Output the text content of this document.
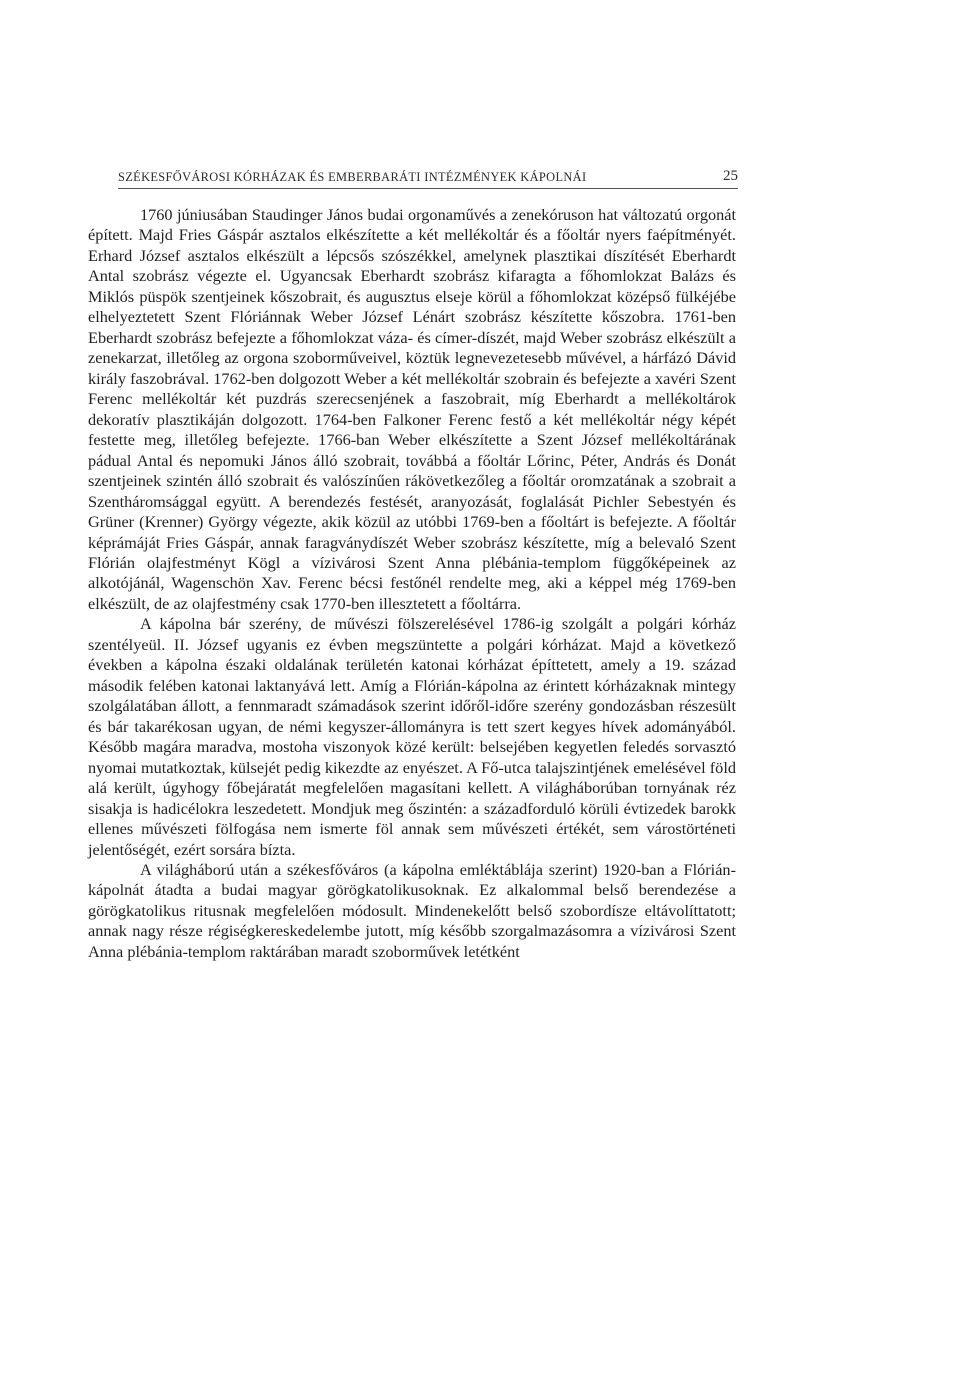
SZÉKESFŐVÁROSI KÓRHÁZAK ÉS EMBERBARÁTI INTÉZMÉNYEK KÁPOLNÁI	25

1760 júniusában Staudinger János budai orgonaművés a zenekóruson hat változatú orgonát épített. Majd Fries Gáspár asztalos elkészítette a két mellékoltár és a főoltár nyers faépítményét. Erhard József asztalos elkészült a lépcsős szószékkel, amelynek plasztikai díszítését Eberhardt Antal szobrász végezte el. Ugyancsak Eberhardt szobrász kifaragta a főhomlokzat Balázs és Miklós püspök szentjeinek kőszobrait, és augusztus elseje körül a főhomlokzat középső fülkéjébe elhelyeztetett Szent Flóriánnak Weber József Lénárt szobrász készítette kőszobra. 1761-ben Eberhardt szobrász befejezte a főhomlokzat váza- és címer-díszét, majd Weber szobrász elkészült a zenekarzat, illetőleg az orgona szoborműveivel, köztük legnevezetesebb művével, a hárfázó Dávid király faszobrával. 1762-ben dolgozott Weber a két mellékoltár szobrain és befejezte a xavéri Szent Ferenc mellékoltár két puzdrás szerecsenjének a faszobrait, míg Eberhardt a mellékoltárok dekoratív plasztikáján dolgozott. 1764-ben Falkoner Ferenc festő a két mellékoltár négy képét festette meg, illetőleg befejezte. 1766-ban Weber elkészítette a Szent József mellékoltárának pádual Antal és nepomuki János álló szobrait, továbbá a főoltár Lőrinc, Péter, András és Donát szentjeinek szintén álló szobrait és valószínűen rákövetkezőleg a főoltár oromzatának a szobrait a Szentháromsággal együtt. A berendezés festését, aranyozását, foglalását Pichler Sebestyén és Grüner (Krenner) György végezte, akik közül az utóbbi 1769-ben a főoltárt is befejezte. A főoltár képrámáját Fries Gáspár, annak faragványdíszét Weber szobrász készítette, míg a belevaló Szent Flórián olajfestményt Kögl a vízivárosi Szent Anna plébánia-templom függőképeinek az alkotójánál, Wagenschön Xav. Ferenc bécsi festőnél rendelte meg, aki a képpel még 1769-ben elkészült, de az olajfestmény csak 1770-ben illesztetett a főoltárra.

A kápolna bár szerény, de művészi fölszerelésével 1786-ig szolgált a polgári kórház szentélyeül. II. József ugyanis ez évben megszüntette a polgári kórházat. Majd a következő években a kápolna északi oldalának területén katonai kórházat építtetett, amely a 19. század második felében katonai laktanyává lett. Amíg a Flórián-kápolna az érintett kórházaknak mintegy szolgálatában állott, a fennmaradt számadások szerint időről-időre szerény gondozásban részesült és bár takarékosan ugyan, de némi kegyszer-állományra is tett szert kegyes hívek adományából. Később magára maradva, mostoha viszonyok közé került: belsejében kegyetlen feledés sorvasztó nyomai mutatkoztak, külsejét pedig kikezdte az enyészet. A Fő-utca talajszintjének emelésével föld alá került, úgyhogy főbejáratát megfelelően magasítani kellett. A világháborúban tornyának réz sisakja is hadicélokra leszedetett. Mondjuk meg őszintén: a századforduló körüli évtizedek barokk ellenes művészeti fölfogása nem ismerte föl annak sem művészeti értékét, sem várostörténeti jelentőségét, ezért sorsára bízta.

A világháború után a székesfőváros (a kápolna emléktáblája szerint) 1920-ban a Flórián-kápolnát átadta a budai magyar görögkatolikusoknak. Ez alkalommal belső berendezése a görögkatolikus ritusnak megfelelően módosult. Mindenekelőtt belső szobordísze eltávolíttatott; annak nagy része régiségkereskedelembe jutott, míg később szorgalmazásomra a vízivárosi Szent Anna plébánia-templom raktárában maradt szoborművek letétként
